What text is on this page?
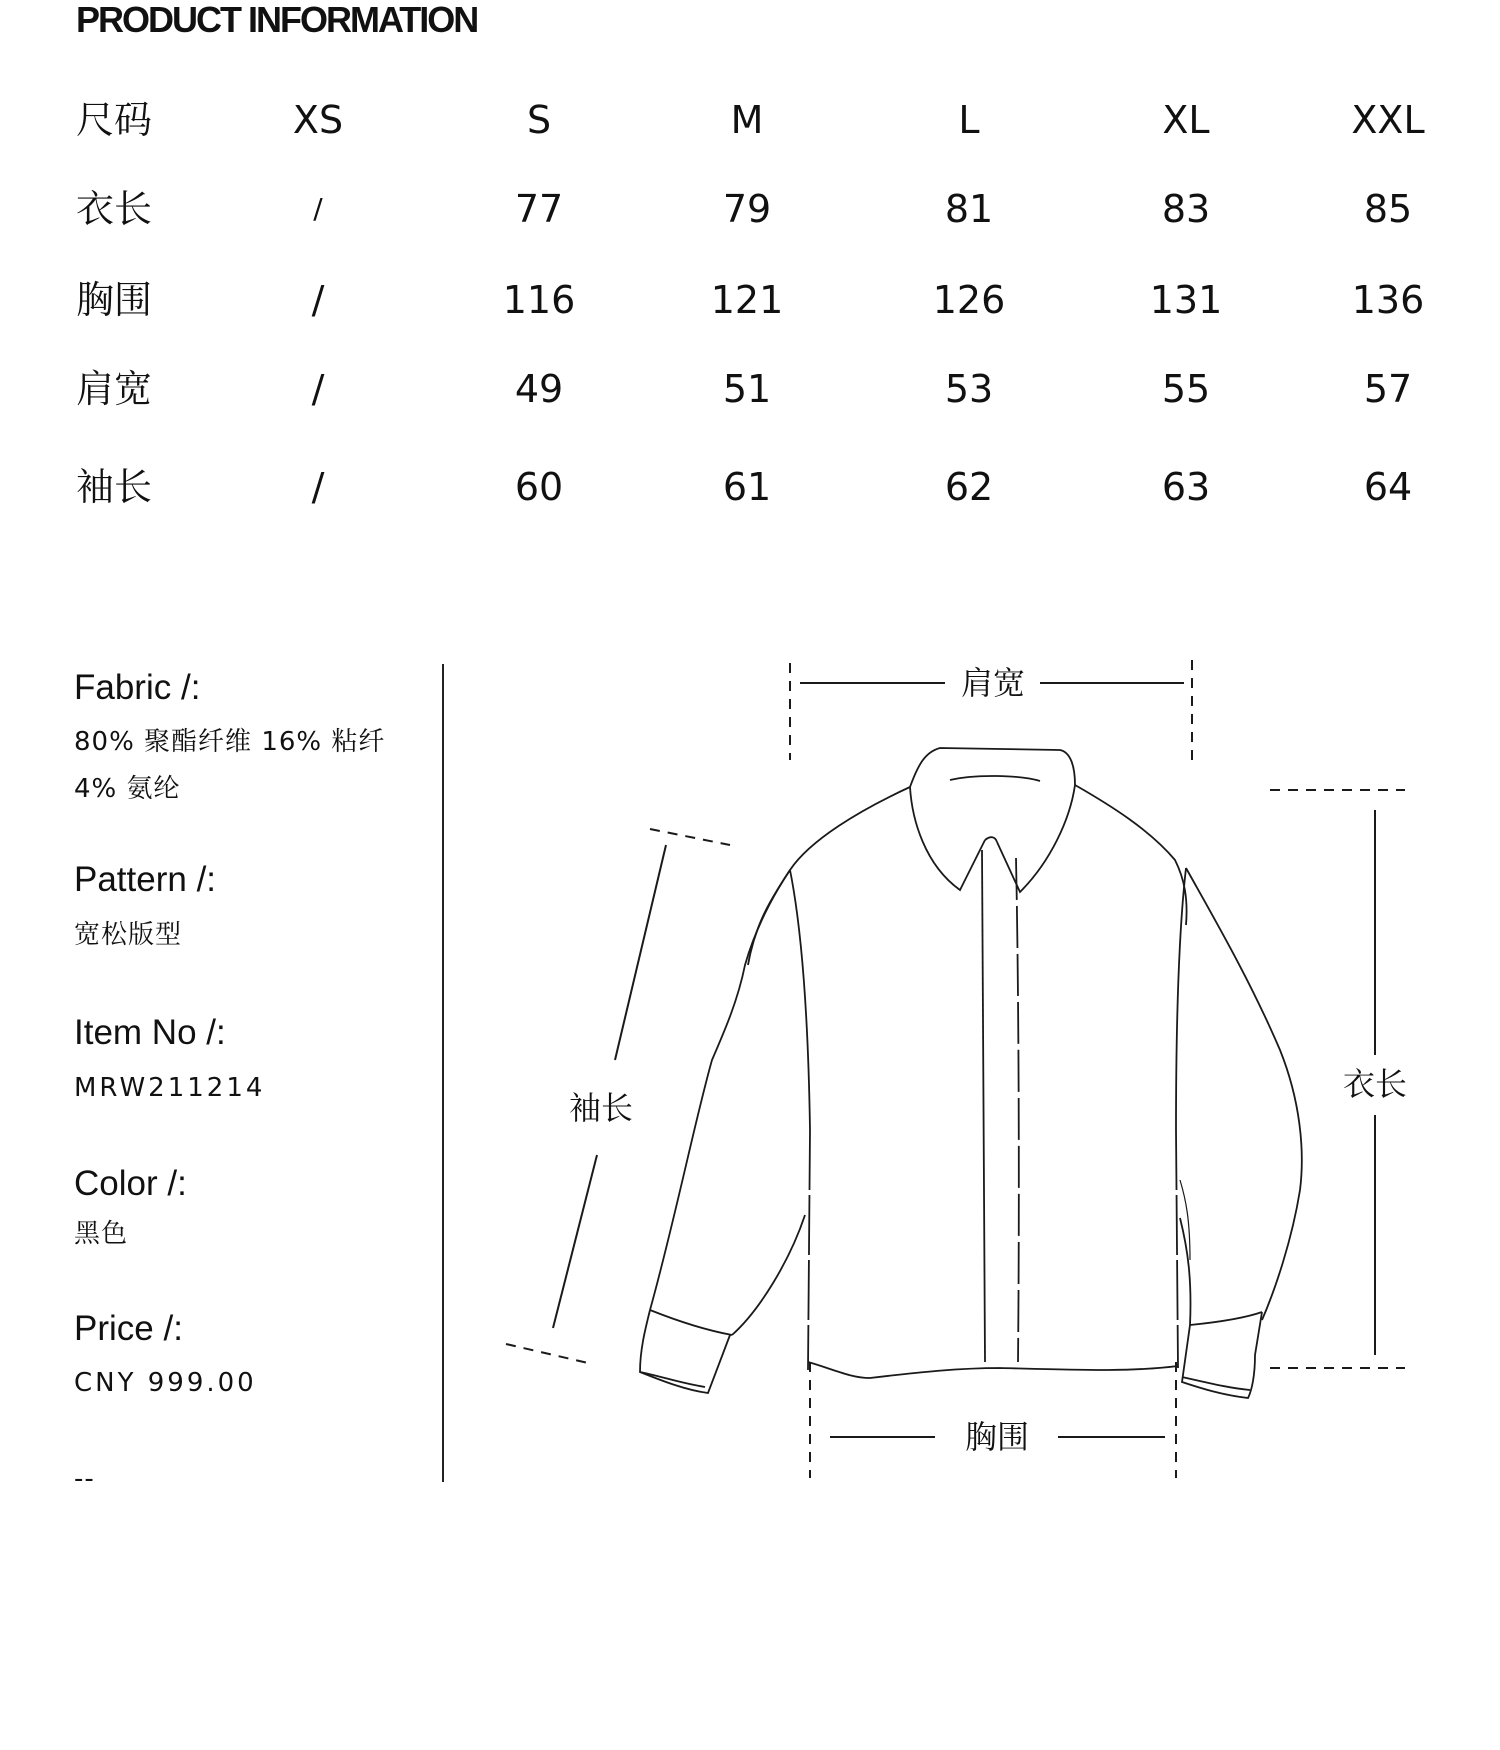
PRODUCT INFORMATION
尺码	XS	S	M	L	XL	XXL
衣长	/	77	79	81	83	85
胸围	/	116	121	126	131	136
肩宽	/	49	51	53	55	57
袖长	/	60	61	62	63	64
Fabric /:
80% 聚酯纤维 16% 粘纤
4% 氨纶
Pattern /:
宽松版型
Item No /:
MRW211214
Color /:
黑色
Price /:
CNY 999.00
--
肩宽
袖长
衣长
胸围
